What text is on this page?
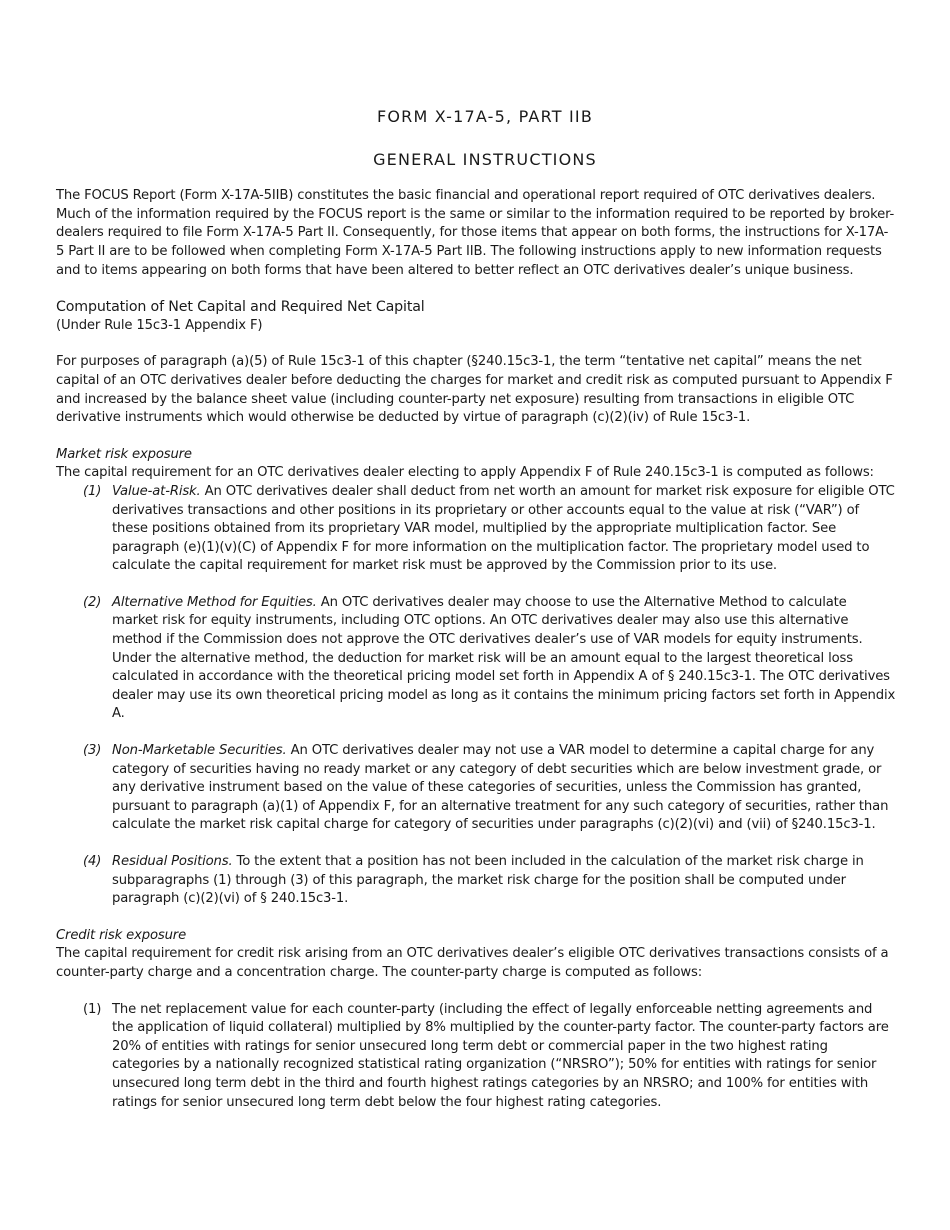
FORM X-17A-5, PART IIB
GENERAL INSTRUCTIONS

The FOCUS Report (Form X-17A-5IIB) constitutes the basic financial and operational report required of OTC derivatives dealers. Much of the information required by the FOCUS report is the same or similar to the information required to be reported by broker-dealers required to file Form X-17A-5 Part II. Consequently, for those items that appear on both forms, the instructions for X-17A-5 Part II are to be followed when completing Form X-17A-5 Part IIB. The following instructions apply to new information requests and to items appearing on both forms that have been altered to better reflect an OTC derivatives dealer’s unique business.

Computation of Net Capital and Required Net Capital

(Under Rule 15c3-1 Appendix F)

For purposes of paragraph (a)(5) of Rule 15c3-1 of this chapter (§240.15c3-1, the term “tentative net capital” means the net capital of an OTC derivatives dealer before deducting the charges for market and credit risk as computed pursuant to Appendix F and increased by the balance sheet value (including counter-party net exposure) resulting from transactions in eligible OTC derivative instruments which would otherwise be deducted by virtue of paragraph (c)(2)(iv) of Rule 15c3-1.

Market risk exposure

The capital requirement for an OTC derivatives dealer electing to apply Appendix F of Rule 240.15c3-1 is computed as follows:

(1) Value-at-Risk. An OTC derivatives dealer shall deduct from net worth an amount for market risk exposure for eligible OTC derivatives transactions and other positions in its proprietary or other accounts equal to the value at risk (“VAR”) of these positions obtained from its proprietary VAR model, multiplied by the appropriate multiplication factor. See paragraph (e)(1)(v)(C) of Appendix F for more information on the multiplication factor. The proprietary model used to calculate the capital requirement for market risk must be approved by the Commission prior to its use.
(2) Alternative Method for Equities. An OTC derivatives dealer may choose to use the Alternative Method to calculate market risk for equity instruments, including OTC options. An OTC derivatives dealer may also use this alternative method if the Commission does not approve the OTC derivatives dealer’s use of VAR models for equity instruments. Under the alternative method, the deduction for market risk will be an amount equal to the largest theoretical loss calculated in accordance with the theoretical pricing model set forth in Appendix A of § 240.15c3-1. The OTC derivatives dealer may use its own theoretical pricing model as long as it contains the minimum pricing factors set forth in Appendix A.
(3) Non-Marketable Securities. An OTC derivatives dealer may not use a VAR model to determine a capital charge for any category of securities having no ready market or any category of debt securities which are below investment grade, or any derivative instrument based on the value of these categories of securities, unless the Commission has granted, pursuant to paragraph (a)(1) of Appendix F, for an alternative treatment for any such category of securities, rather than calculate the market risk capital charge for category of securities under paragraphs (c)(2)(vi) and (vii) of §240.15c3-1.
(4) Residual Positions. To the extent that a position has not been included in the calculation of the market risk charge in subparagraphs (1) through (3) of this paragraph, the market risk charge for the position shall be computed under paragraph (c)(2)(vi) of § 240.15c3-1.

Credit risk exposure

The capital requirement for credit risk arising from an OTC derivatives dealer’s eligible OTC derivatives transactions consists of a counter-party charge and a concentration charge. The counter-party charge is computed as follows:

(1) The net replacement value for each counter-party (including the effect of legally enforceable netting agreements and the application of liquid collateral) multiplied by 8% multiplied by the counter-party factor. The counter-party factors are 20% of entities with ratings for senior unsecured long term debt or commercial paper in the two highest rating categories by a nationally recognized statistical rating organization (“NRSRO”); 50% for entities with ratings for senior unsecured long term debt in the third and fourth highest ratings categories by an NRSRO; and 100% for entities with ratings for senior unsecured long term debt below the four highest rating categories.
